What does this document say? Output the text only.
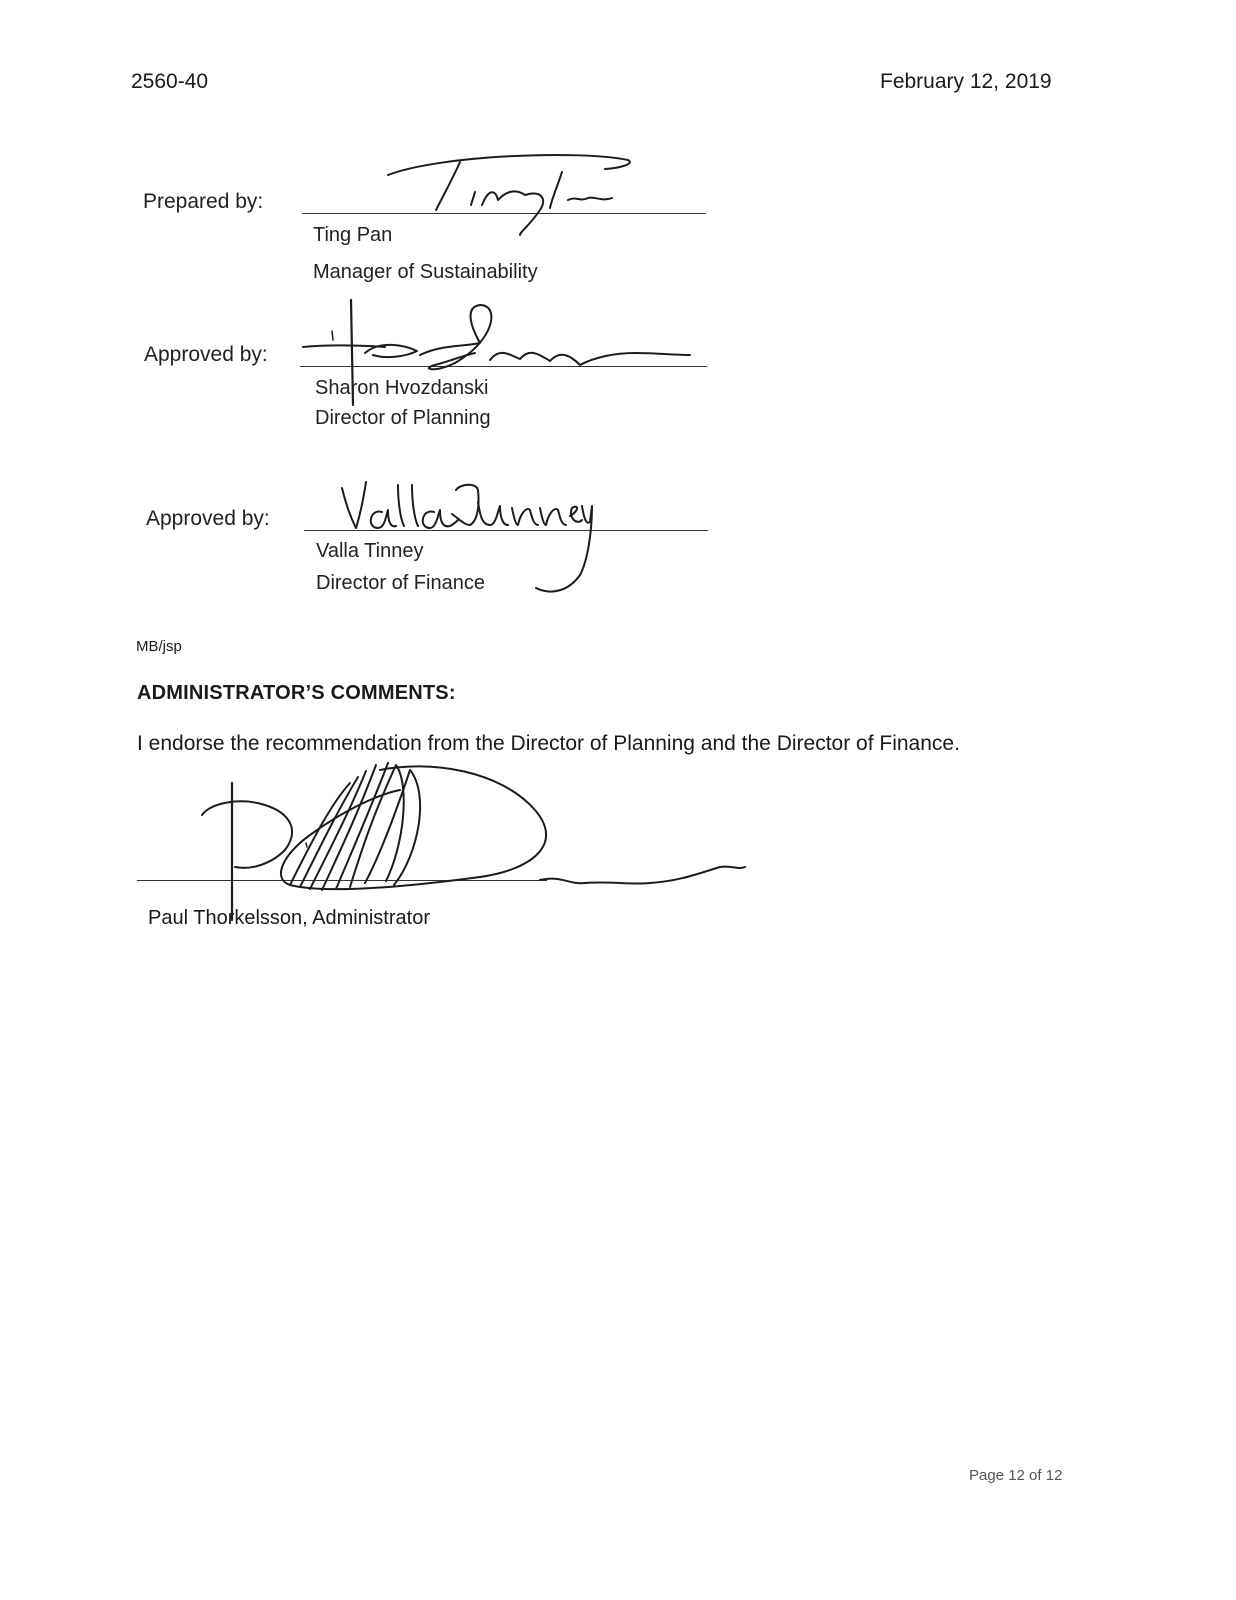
2560-40	February 12, 2019
Prepared by:
Ting Pan
Manager of Sustainability
Approved by:
Sharon Hvozdanski
Director of Planning
Approved by:
Valla Tinney
Director of Finance
MB/jsp
ADMINISTRATOR’S COMMENTS:
I endorse the recommendation from the Director of Planning and the Director of Finance.
Paul Thorkelsson, Administrator
Page 12 of 12
